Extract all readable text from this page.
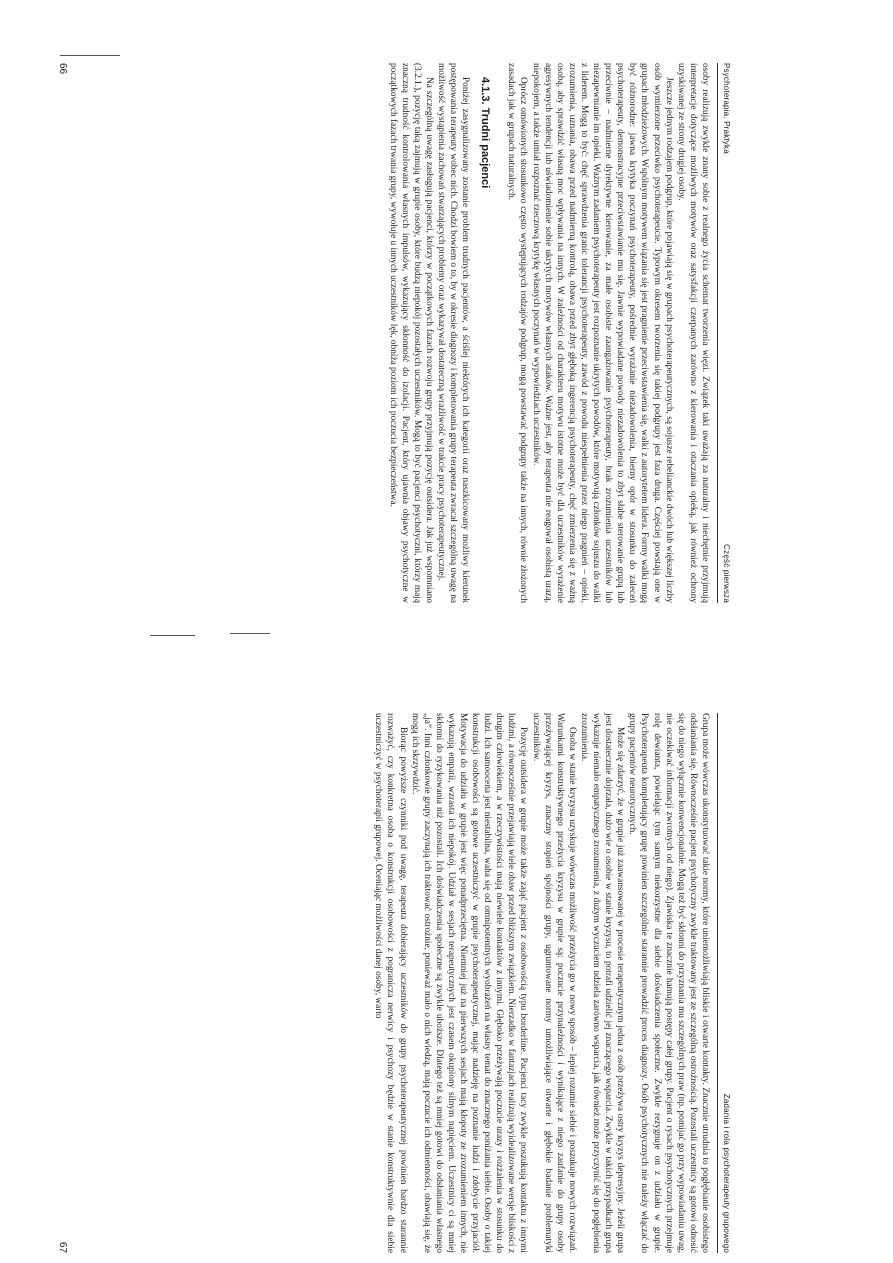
Psychoterapia. Praktyka
Część pierwsza

osoby realizują zwykle znany sobie z realnego życia schemat tworzenia więzi. Związek taki uważają za naturalny i niechętnie przyjmują interpretacje dotyczące możliwych motywów oraz satysfakcji czerpanych zarówno z kierowania i otaczania opieką, jak również ochrony uzyskiwanej ze strony drugiej osoby.

Jeszcze jednym rodzajem podgrup, które pojawiają się w grupach psychoterapeutycznych, są sojusze rebelianckie dwóch lub większej liczby osób wymierzone przeciwko psychoterapeucie. Typowym okresem tworzenia się takiej podgrupy jest faza druga. Częściej powstają one w grupach młodzieżowych. Wspólnym motywem wiązania się jest pragnienie przeciwstawienia się, walki z autorytetem lidera. Formy walki mogą być różnorodne: jawna krytyka poczynań psychoterapeuty, pośrednie wyrażanie niezadowolenia, bierny opór w stosunku do zaleceń psychoterapeuty, demonstracyjne przeciwstawianie mu się. Jawnie wypowiadane powody niezadowolenia to zbyt słabe sterowanie grupą lub przeciwnie – nadmierne dyrektywne kierowanie, za małe osobiste zaangażowanie psychoterapeuty, brak zrozumienia uczestników lub niezapewnianie im opieki. Ważnym zadaniem psychoterapeuty jest rozpoznanie ukrytych powodów, które motywują członków sojuszu do walki z liderem. Mogą to być: chęć sprawdzenia granic tolerancji psychoterapeuty, zawód z powodu niespełnienia przez niego pragnień – opieki, zrozumienia, uznania, obawa przed nadmierną kontrolą, obawa przed zbyt głęboką ingerencją psychoterapeuty, chęć zmierzenia się z ważną osobą, aby sprawdzić własną moc wpływania na innych. W zależności od charakteru motywu istotne może być dla uczestników wyrażenie agresywnych tendencji lub uświadomienie sobie ukrytych motywów własnych ataków. Ważne jest, aby terapeuta nie reagował osobistą urazą, niepokojem, a także umiał rozpoznać rzeczową krytykę własnych poczynań w wypowiedziach uczestników.

Oprócz omówionych stosunkowo często występujących rodzajów podgrup, mogą powstawać podgrupy także na innych, równie złożonych zasadach jak w grupach naturalnych.

4.1.3. Trudni pacjenci

Poniżej zasygnalizowany zostanie problem trudnych pacjentów, a ściślej niektórych ich kategorii oraz naszkicowany możliwy kierunek postępowania terapeuty wobec nich. Chodzi bowiem o to, by w okresie diagnozy i kompletowania grupy terapeuta zwracał szczególną uwagę na możliwość wystąpienia zachowań stwarzających problemy oraz wykazywał dostateczną wrażliwość w trakcie pracy psychoterapeutycznej.

Na szczególną uwagę zasługują pacjenci, którzy w początkowych fazach rozwoju grupy przyjmują pozycję outsidera. Jak już wspomniano (3.2.1.), pozycję taką zajmują w grupie osoby, które budzą niepokój pozostałych uczestników. Mogą to być pacjenci psychotyczni, którzy mają znaczną trudność kontrolowania własnych impulsów, wykazujący skłonność do izolacji. Pacjent, który ujawnia objawy psychotyczne w początkowych fazach trwania grupy, wywołuje u innych uczestników lęk, obniża poziom ich poczucia bezpieczeństwa.

66
Zadania i rola psychoterapeuty grupowego

Grupa może wówczas ukonstytuować takie normy, które uniemożliwiają bliskie i otwarte kontakty. Znacznie utrudnia to pogłębianie osobistego odsłaniania się. Równocześnie pacjent psychotyczny zwykle traktowany jest ze szczególną ostrożnością. Pozostali uczestnicy są gotowi odnosić się do niego wyłącznie konwencjonalnie. Mogą też być skłonni do przyznania mu szczególnych praw (np. pomijać go przy wypowiadaniu uwag, nie oczekiwać informacji zwrotnych od niego). Zjawiska te znacznie hamują postępy całej grupy. Pacjent o rysach psychotycznych przejmuje rolę dewianta, powielając tym samym niekorzystne dla siebie doświadczenia społeczne. Zwykle rezygnuje on z udziału w grupie. Psychoterapeuta kompletujący grupę powinien szczególnie starannie prowadzić proces diagnozy. Osób psychotycznych nie należy włączać do grupy pacjentów neurotycznych.

Może się zdarzyć, że w grupie już zaawansowanej w procesie terapeutycznym jedna z osób przeżywa ostry kryzys depresyjny. Jeżeli grupa jest dostatecznie dojrzała, dużo wie o osobie w stanie kryzysu, to potrafi udzielić jej znaczącego wsparcia. Zwykle w takich przypadkach grupa wykazuje niemało empatycznego zrozumienia, z dużym wyczuciem udziela zarówno wsparcia, jak również może przyczynić się do pogłębienia zrozumienia.

Osoba w stanie kryzysu uzyskuje wówczas możliwość przeżycia go w nowy sposób – lepiej rozumie siebie i poszukuje nowych rozwiązań. Warunkami konstruktywnego przeżycia kryzysu w grupie są: poczucie przynależności i wynikające z niego zaufanie do grupy osoby przeżywającej kryzys, znaczny stopień spójności grupy, ugruntowane normy umożliwiające otwarte i głębokie badanie problematyki uczestników.

Pozycję outsidera w grupie może także zająć pacjent z osobowością typu borderline. Pacjenci tacy zwykle poszukują kontaktu z innymi ludźmi, a równocześnie przejawiają wiele obaw przed bliższym związkiem. Nierzadko w fantazjach realizują wyidealizowane wersje bliskości z drugim człowiekiem, a w rzeczywistości mają niewiele kontaktów z innymi. Głęboko przeżywają poczucie urazy i rozżalenia w stosunku do ludzi. Ich samoocena jest niestabilna, waha się od omnipotentnych wyobrażeń na własny temat do znacznego poniżania siebie. Osoby o takiej konstrukcji osobowości są gotowe uczestniczyć w grupie psychoterapeutycznej, mając nadzieję na poznanie ludzi i zdobycie przyjaciół. Motywacja do udziału w grupie jest więc ponadprzeciętna. Niemniej już na pierwszych sesjach mają kłopoty ze zrozumieniem innych, nie wykazują empatii, wzrasta ich niepokój. Udział w sesjach terapeutycznych jest czasem okupiony silnym napięciem. Uczestnicy ci są mniej skłonni do ryzykowania niż pozostali. Ich doświadczenia społeczne są zwykle uboższe. Dlatego też są mniej gotowi do odsłaniania własnego „ja”. Inni członkowie grupy zaczynają ich traktować ostrożnie, ponieważ mało o nich wiedzą, mają poczucie ich odmienności, obawiają się, że mogą ich skrzywdzić.

Biorąc powyższe czynniki pod uwagę, terapeuta dobierający uczestników do grupy psychoterapeutycznej powinien bardzo starannie rozważyć, czy konkretna osoba o konstrukcji osobowości z pogranicza nerwicy i psychozy będzie w stanie konstruktywnie dla siebie uczestniczyć w psychoterapii grupowej. Oceniając możliwości danej osoby, warto

67
